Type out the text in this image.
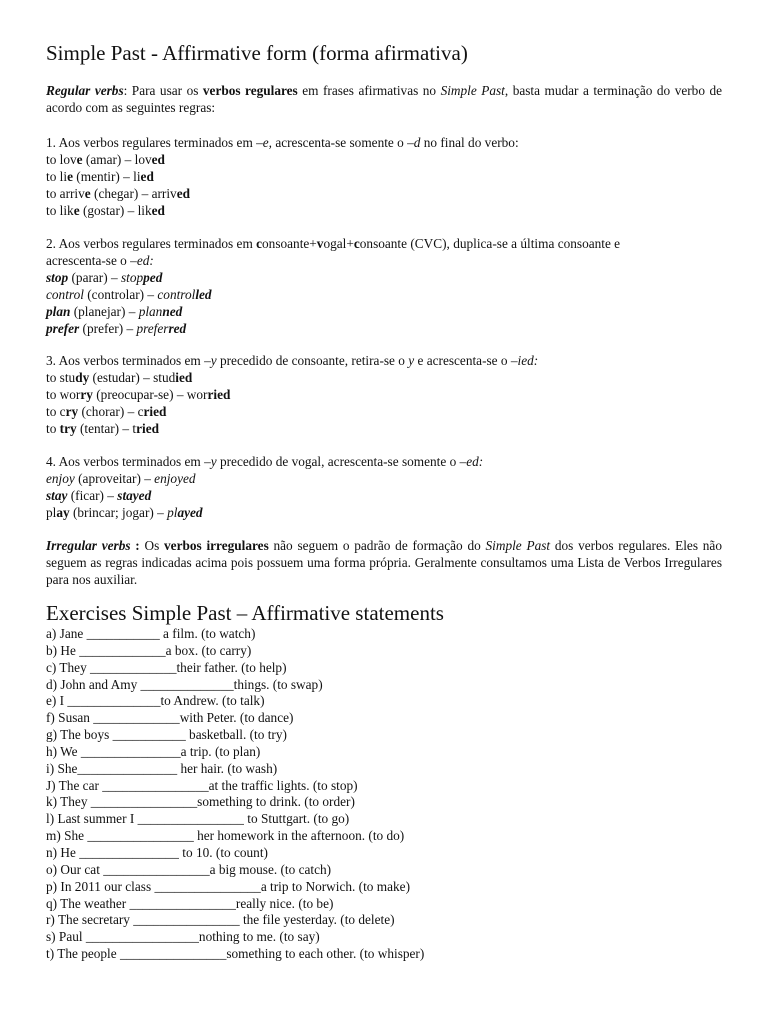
Simple Past - Affirmative form (forma afirmativa)
Regular verbs: Para usar os verbos regulares em frases afirmativas no Simple Past, basta mudar a terminação do verbo de acordo com as seguintes regras:
1. Aos verbos regulares terminados em –e, acrescenta-se somente o –d no final do verbo:
to love (amar) – loved
to lie (mentir) – lied
to arrive (chegar) – arrived
to like (gostar) – liked
2. Aos verbos regulares terminados em consoante+vogal+consoante (CVC), duplica-se a última consoante e
acrescenta-se o –ed:
stop (parar) – stopped
control (controlar) – controlled
plan (planejar) – planned
prefer (prefer) – preferred
3. Aos verbos terminados em –y precedido de consoante, retira-se o y e acrescenta-se o –ied:
to study (estudar) – studied
to worry (preocupar-se) – worried
to cry (chorar) – cried
to try (tentar) – tried
4. Aos verbos terminados em –y precedido de vogal, acrescenta-se somente o –ed:
enjoy (aproveitar) – enjoyed
stay (ficar) – stayed
play (brincar; jogar) – played
Irregular verbs : Os verbos irregulares não seguem o padrão de formação do Simple Past dos verbos regulares. Eles não seguem as regras indicadas acima pois possuem uma forma própria. Geralmente consultamos uma Lista de Verbos Irregulares para nos auxiliar.
Exercises Simple Past – Affirmative statements
a) Jane ___________ a film. (to watch)
b) He _____________a box. (to carry)
c) They _____________their father. (to help)
d) John and Amy ______________things. (to swap)
e) I ______________to Andrew. (to talk)
f) Susan _____________with Peter. (to dance)
g) The boys ___________ basketball. (to try)
h) We _______________a trip. (to plan)
i) She_______________ her hair. (to wash)
J) The car ________________at the traffic lights. (to stop)
k) They ________________something to drink. (to order)
l) Last summer I ________________ to Stuttgart. (to go)
m) She ________________ her homework in the afternoon. (to do)
n) He _______________ to 10. (to count)
o) Our cat ________________a big mouse. (to catch)
p) In 2011 our class ________________a trip to Norwich. (to make)
q) The weather ________________really nice. (to be)
r) The secretary ________________ the file yesterday. (to delete)
s) Paul _________________nothing to me. (to say)
t) The people ________________something to each other. (to whisper)
